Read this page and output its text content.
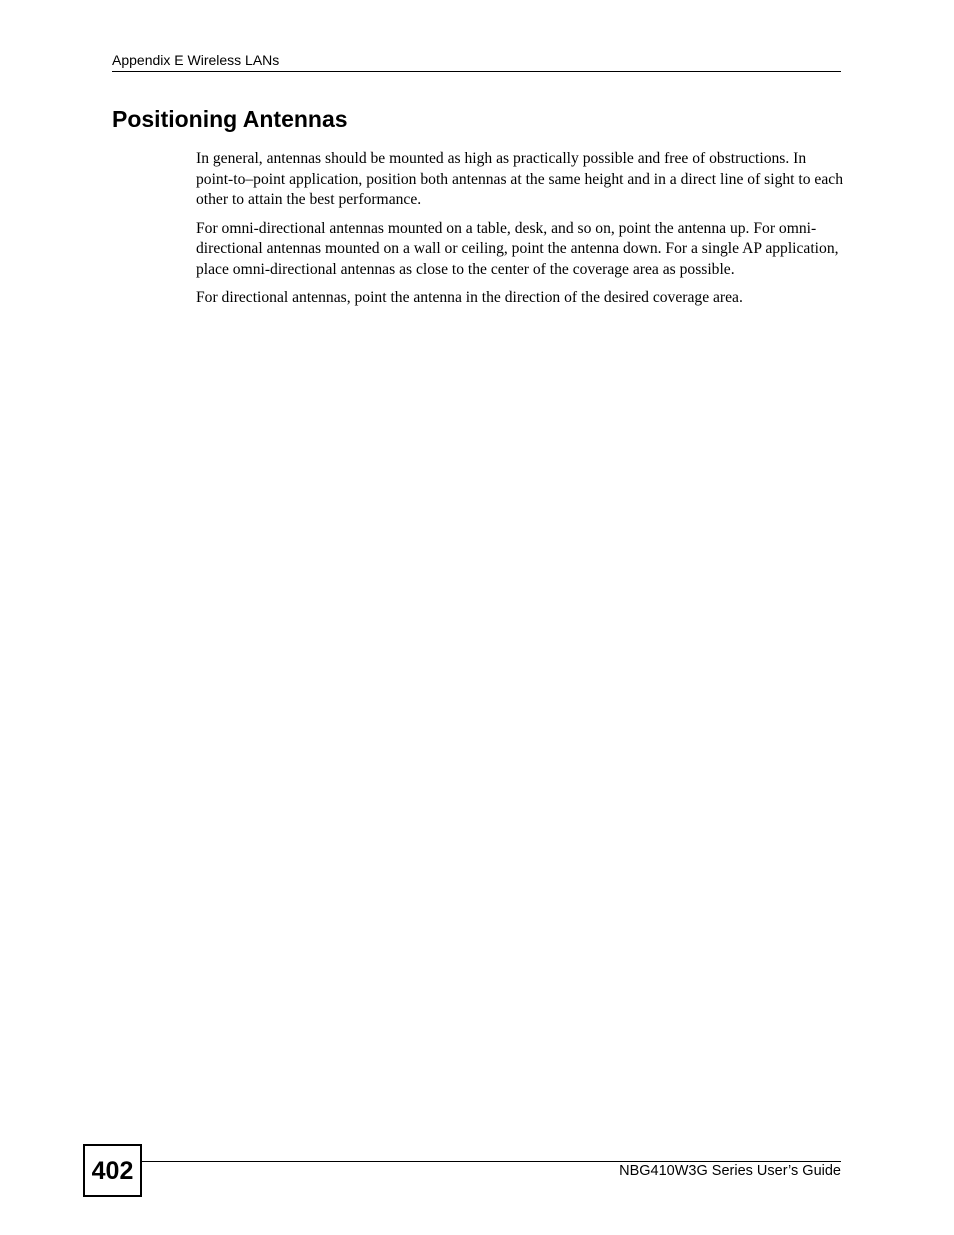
Appendix E Wireless LANs
Positioning Antennas

In general, antennas should be mounted as high as practically possible and free of obstructions. In point-to–point application, position both antennas at the same height and in a direct line of sight to each other to attain the best performance.

For omni-directional antennas mounted on a table, desk, and so on, point the antenna up. For omni-directional antennas mounted on a wall or ceiling, point the antenna down. For a single AP application, place omni-directional antennas as close to the center of the coverage area as possible.

For directional antennas, point the antenna in the direction of the desired coverage area.

402	NBG410W3G Series User’s Guide
